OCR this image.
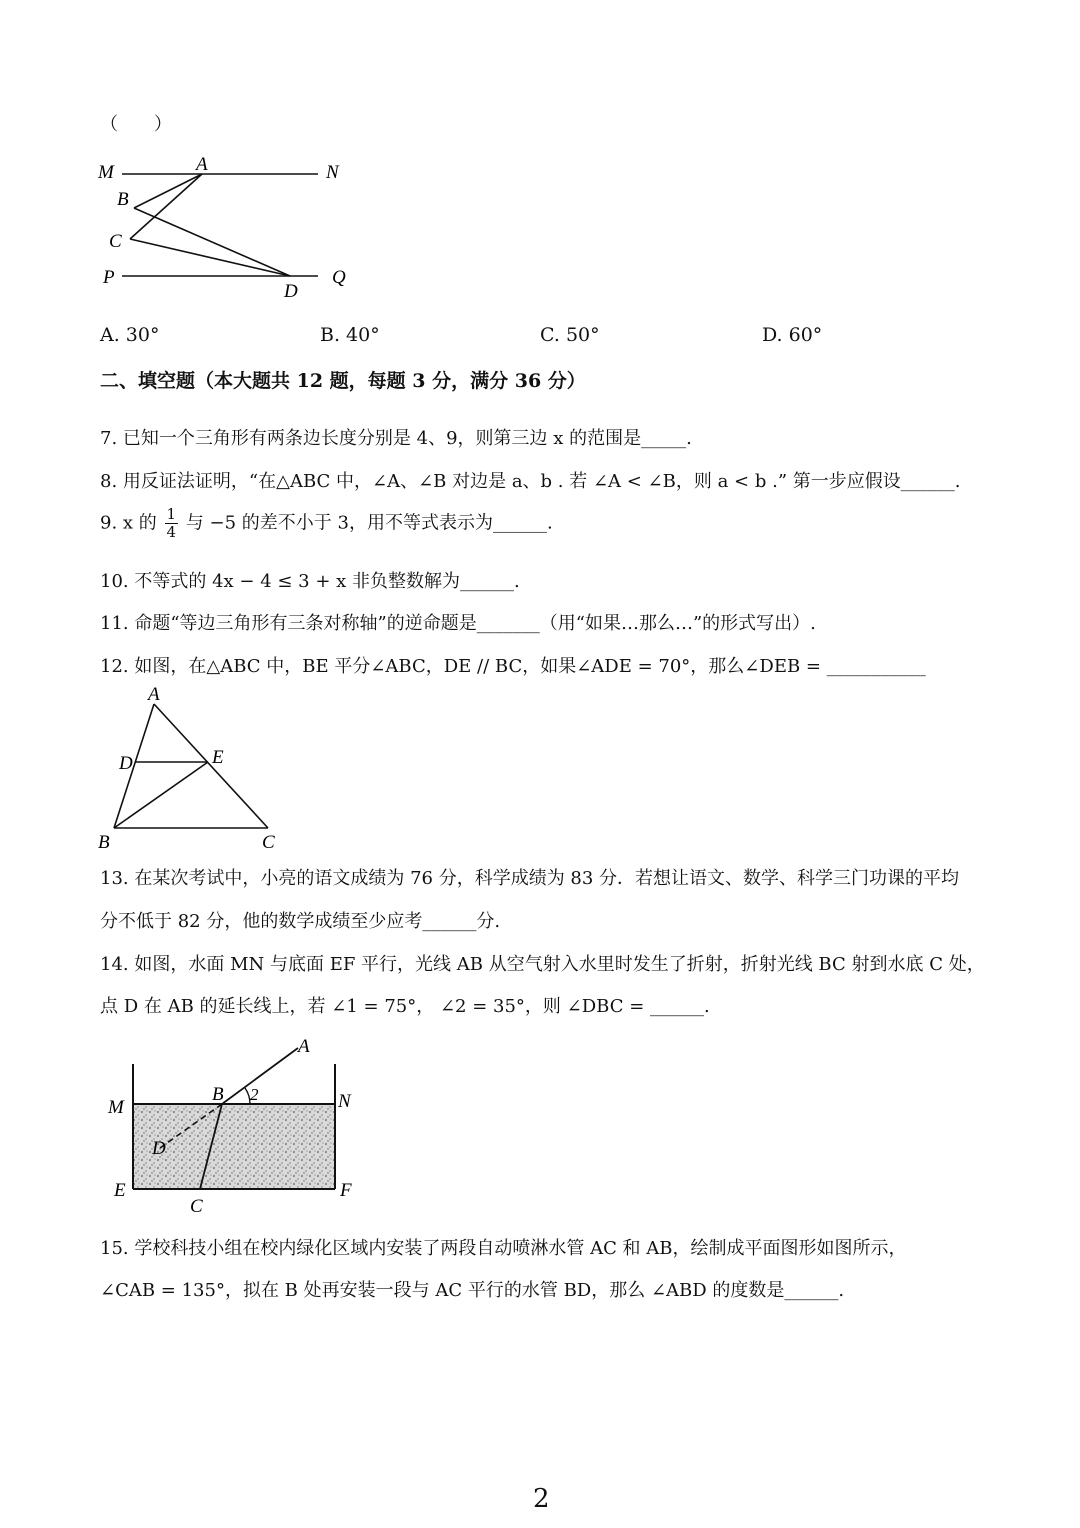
（　　）
M	A	N
B
C
P
D
Q
A. 30°	B. 40°	C. 50°	D. 60°
二、填空题（本大题共 12 题，每题 3 分，满分 36 分）
7. 已知一个三角形有两条边长度分别是 4、9，则第三边 x 的范围是_____.
8. 用反证法证明，“在△ABC 中，∠A、∠B 对边是 a、b . 若 ∠A < ∠B，则 a < b .” 第一步应假设______.
9. x 的 $\frac{1}{4}$ 与 −5 的差不小于 3，用不等式表示为______.
10. 不等式的 4x − 4 ≤ 3 + x 非负整数解为______.
11. 命题“等边三角形有三条对称轴”的逆命题是_______（用“如果…那么…”的形式写出）.
12. 如图，在△ABC 中，BE 平分∠ABC，DE // BC，如果∠ADE = 70°，那么∠DEB = ___________
A
D	E
B	C
13. 在某次考试中，小亮的语文成绩为 76 分，科学成绩为 83 分．若想让语文、数学、科学三门功课的平均
分不低于 82 分，他的数学成绩至少应考______分.
14. 如图，水面 MN 与底面 EF 平行，光线 AB 从空气射入水里时发生了折射，折射光线 BC 射到水底 C 处，
点 D 在 AB 的延长线上，若 ∠1 = 75°， ∠2 = 35°，则 ∠DBC = ______.
A
M
B 2	N
D
E
C
F
15. 学校科技小组在校内绿化区域内安装了两段自动喷淋水管 AC 和 AB，绘制成平面图形如图所示，
∠CAB = 135°，拟在 B 处再安装一段与 AC 平行的水管 BD，那么 ∠ABD 的度数是______.
2
